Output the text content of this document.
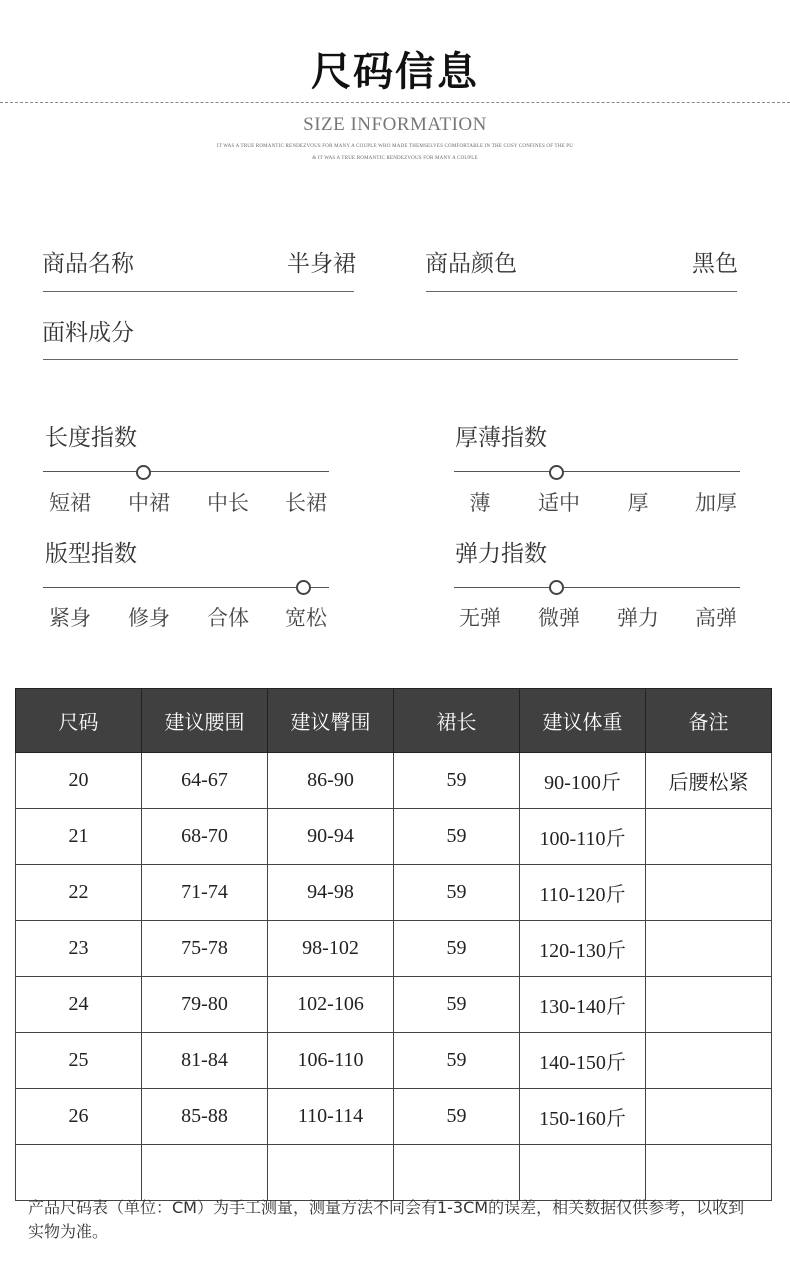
尺码信息
SIZE INFORMATION
IT WAS A TRUE ROMANTIC RENDEZVOUS FOR MANY A COUPLE WHO MADE THEMSELVES COMFORTABLE IN THE COSY CONFINES OF THE PU
& IT WAS A TRUE ROMANTIC RENDEZVOUS FOR MANY A COUPLE
商品名称	半身裙	商品颜色	黑色
面料成分
长度指数
短裙	中裙	中长	长裙
厚薄指数
薄	适中	厚	加厚
版型指数
紧身	修身	合体	宽松
弹力指数
无弹	微弹	弹力	高弹
尺码	建议腰围	建议臀围	裙长	建议体重	备注
20	64-67	86-90	59	90-100斤	后腰松紧
21	68-70	90-94	59	100-110斤	
22	71-74	94-98	59	110-120斤	
23	75-78	98-102	59	120-130斤	
24	79-80	102-106	59	130-140斤	
25	81-84	106-110	59	140-150斤	
26	85-88	110-114	59	150-160斤	

产品尺码表（单位：CM）为手工测量，测量方法不同会有1-3CM的误差，相关数据仅供参考，以收到实物为准。
